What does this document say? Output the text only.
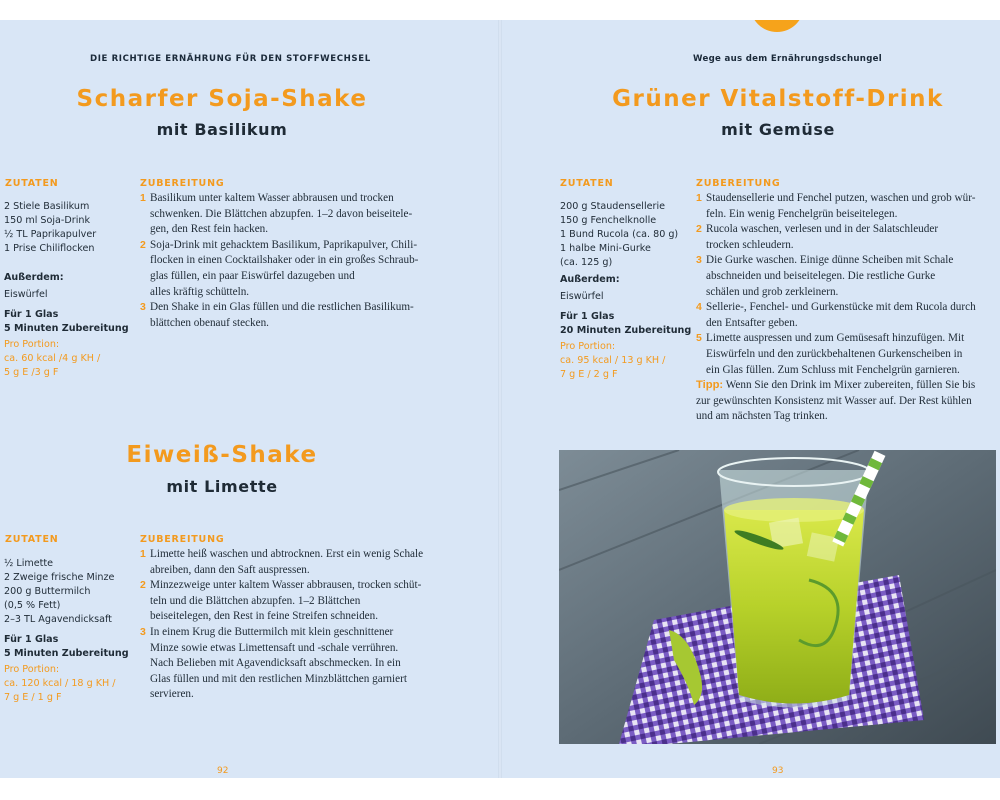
DIE RICHTIGE ERNÄHRUNG FÜR DEN STOFFWECHSEL
Scharfer Soja-Shake
mit Basilikum
ZUTATEN
2 Stiele Basilikum
150 ml Soja-Drink
½ TL Paprikapulver
1 Prise Chiliflocken
Außerdem:
Eiswürfel
Für 1 Glas
5 Minuten Zubereitung
Pro Portion:
ca. 60 kcal /4 g KH /
5 g E /3 g F
ZUBEREITUNG
1 Basilikum unter kaltem Wasser abbrausen und trocken
schwenken. Die Blättchen abzupfen. 1–2 davon beiseitele-
gen, den Rest fein hacken.
2 Soja-Drink mit gehacktem Basilikum, Paprikapulver, Chili-
flocken in einen Cocktailshaker oder in ein großes Schraub-
glas füllen, ein paar Eiswürfel dazugeben und
alles kräftig schütteln.
3 Den Shake in ein Glas füllen und die restlichen Basilikum-
blättchen obenauf stecken.
Eiweiß-Shake
mit Limette
ZUTATEN
½ Limette
2 Zweige frische Minze
200 g Buttermilch
(0,5 % Fett)
2–3 TL Agavendicksaft
Für 1 Glas
5 Minuten Zubereitung
Pro Portion:
ca. 120 kcal / 18 g KH /
7 g E / 1 g F
ZUBEREITUNG
1 Limette heiß waschen und abtrocknen. Erst ein wenig Schale
abreiben, dann den Saft auspressen.
2 Minzezweige unter kaltem Wasser abbrausen, trocken schüt-
teln und die Blättchen abzupfen. 1–2 Blättchen
beiseitelegen, den Rest in feine Streifen schneiden.
3 In einem Krug die Buttermilch mit klein geschnittener
Minze sowie etwas Limettensaft und -schale verrühren.
Nach Belieben mit Agavendicksaft abschmecken. In ein
Glas füllen und mit den restlichen Minzblättchen garniert
servieren.
92
Wege aus dem Ernährungsdschungel
Grüner Vitalstoff-Drink
mit Gemüse
ZUTATEN
200 g Staudensellerie
150 g Fenchelknolle
1 Bund Rucola (ca. 80 g)
1 halbe Mini-Gurke
(ca. 125 g)
Außerdem:
Eiswürfel
Für 1 Glas
20 Minuten Zubereitung
Pro Portion:
ca. 95 kcal / 13 g KH /
7 g E / 2 g F
ZUBEREITUNG
1 Staudensellerie und Fenchel putzen, waschen und grob wür-
feln. Ein wenig Fenchelgrün beiseitelegen.
2 Rucola waschen, verlesen und in der Salatschleuder
trocken schleudern.
3 Die Gurke waschen. Einige dünne Scheiben mit Schale
abschneiden und beiseitelegen. Die restliche Gurke
schälen und grob zerkleinern.
4 Sellerie-, Fenchel- und Gurkenstücke mit dem Rucola durch
den Entsafter geben.
5 Limette auspressen und zum Gemüsesaft hinzufügen. Mit
Eiswürfeln und den zurückbehaltenen Gurkenscheiben in
ein Glas füllen. Zum Schluss mit Fenchelgrün garnieren.
Tipp: Wenn Sie den Drink im Mixer zubereiten, füllen Sie bis
zur gewünschten Konsistenz mit Wasser auf. Der Rest kühlen
und am nächsten Tag trinken.
93
